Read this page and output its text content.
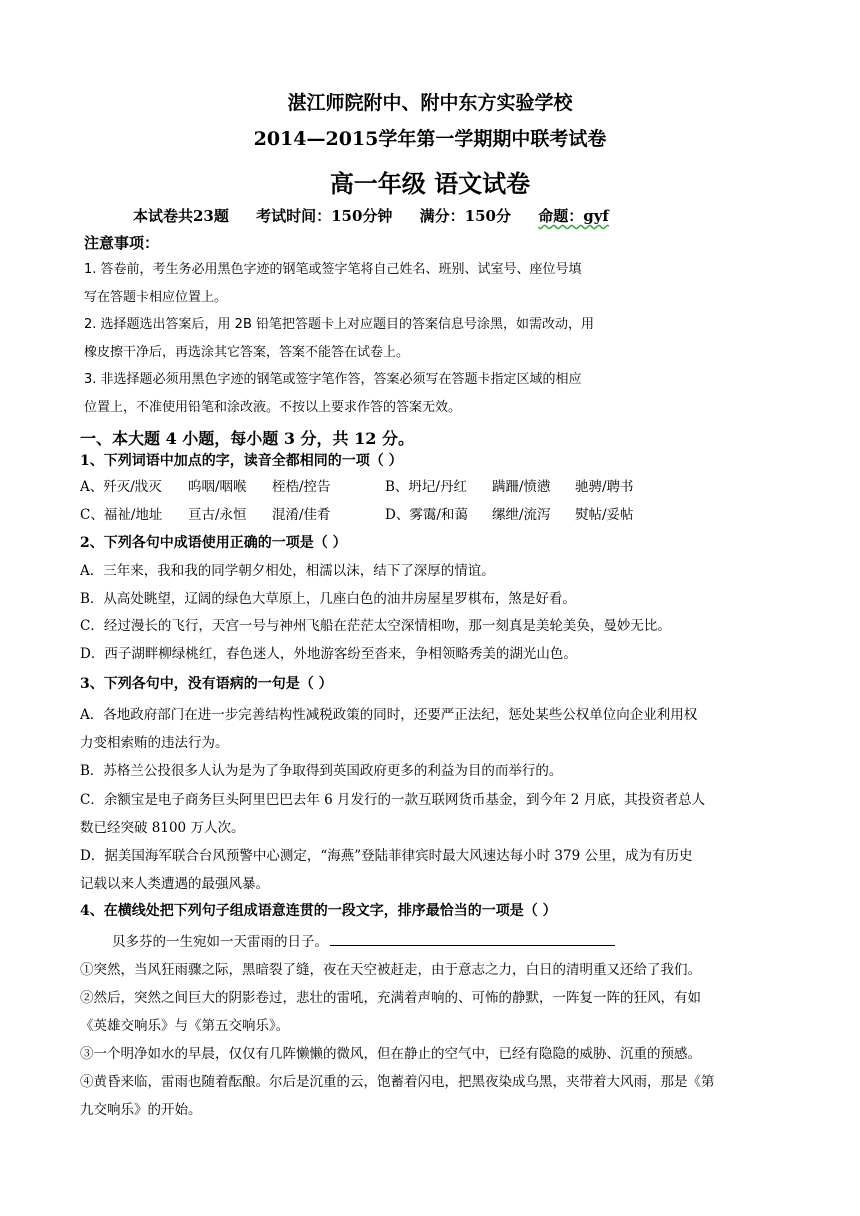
湛江师院附中、附中东方实验学校
2014—2015学年第一学期期中联考试卷
高一年级 语文试卷
本试卷共23题 考试时间：150分钟 满分：150分 命题：gyf
注意事项：
1. 答卷前，考生务必用黑色字迹的钢笔或签字笔将自己姓名、班别、试室号、座位号填
写在答题卡相应位置上。
2. 选择题选出答案后，用 2B 铅笔把答题卡上对应题目的答案信息号涂黑，如需改动，用
橡皮擦干净后，再选涂其它答案，答案不能答在试卷上。
3. 非选择题必须用黑色字迹的钢笔或签字笔作答，答案必须写在答题卡指定区域的相应
位置上，不准使用铅笔和涂改液。不按以上要求作答的答案无效。
一、本大题 4 小题，每小题 3 分，共 12 分。
1、下列词语中加点的字，读音全都相同的一项（ ）
A、歼灭/戕灭 呜咽/咽喉 桎梏/控告	B、坍圮/丹红 蹒跚/愤懑 驰骋/聘书
C、福祉/地址 亘古/永恒 混淆/佳肴	D、雾霭/和蔼 缧绁/流泻 熨帖/妥帖
2、下列各句中成语使用正确的一项是（ ）
A．三年来，我和我的同学朝夕相处，相濡以沫，结下了深厚的情谊。
B．从高处眺望，辽阔的绿色大草原上，几座白色的油井房屋星罗棋布，煞是好看。
C．经过漫长的飞行，天宫一号与神州飞船在茫茫太空深情相吻，那一刻真是美轮美奂，曼妙无比。
D．西子湖畔柳绿桃红，春色迷人，外地游客纷至沓来，争相领略秀美的湖光山色。
3、下列各句中，没有语病的一句是（ ）
A．各地政府部门在进一步完善结构性减税政策的同时，还要严正法纪，惩处某些公权单位向企业利用权
力变相索贿的违法行为。
B．苏格兰公投很多人认为是为了争取得到英国政府更多的利益为目的而举行的。
C．余额宝是电子商务巨头阿里巴巴去年 6 月发行的一款互联网货币基金，到今年 2 月底，其投资者总人
数已经突破 8100 万人次。
D．据美国海军联合台风预警中心测定，“海燕”登陆菲律宾时最大风速达每小时 379 公里，成为有历史
记载以来人类遭遇的最强风暴。
4、在横线处把下列句子组成语意连贯的一段文字，排序最恰当的一项是（ ）
贝多芬的一生宛如一天雷雨的日子。
①突然，当风狂雨骤之际，黑暗裂了缝，夜在天空被赶走，由于意志之力，白日的清明重又还给了我们。
②然后，突然之间巨大的阴影卷过，悲壮的雷吼，充满着声响的、可怖的静默，一阵复一阵的狂风，有如
《英雄交响乐》与《第五交响乐》。
③一个明净如水的早晨，仅仅有几阵懒懒的微风，但在静止的空气中，已经有隐隐的威胁、沉重的预感。
④黄昏来临，雷雨也随着酝酿。尔后是沉重的云，饱蓄着闪电，把黑夜染成乌黑，夹带着大风雨，那是《第
九交响乐》的开始。
